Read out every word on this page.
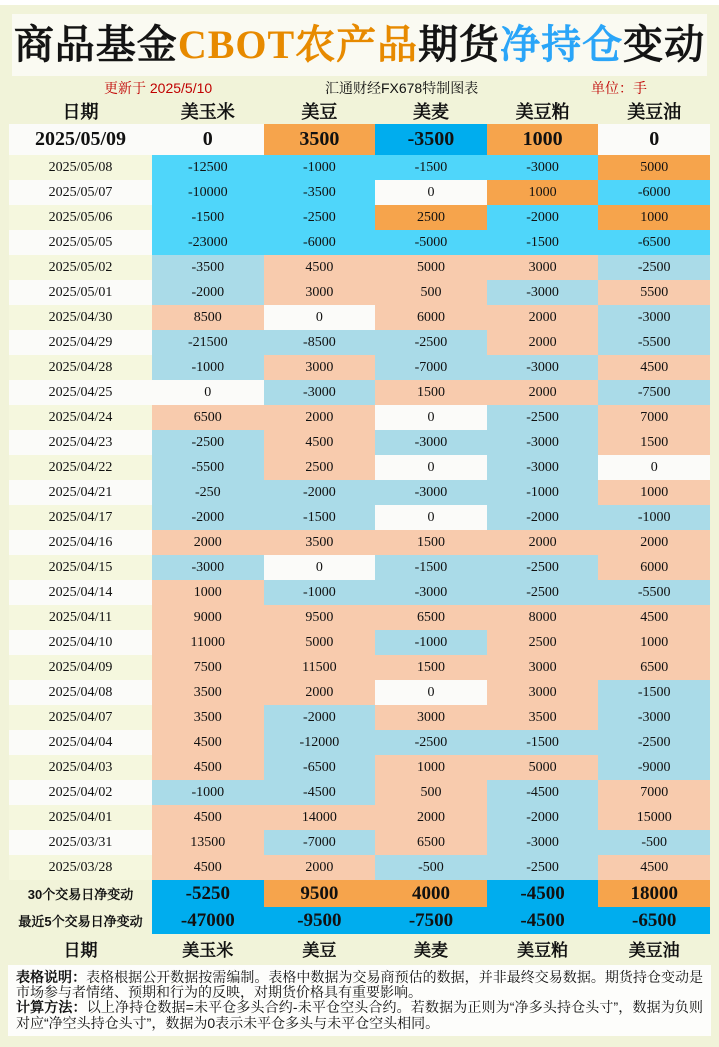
商品基金CBOT农产品期货净持仓变动
更新于 2025/5/10	汇通财经FX678特制图表	单位：手
日期	美玉米	美豆	美麦	美豆粕	美豆油
2025/05/09	0	3500	-3500	1000	0
2025/05/08	-12500	-1000	-1500	-3000	5000
2025/05/07	-10000	-3500	0	1000	-6000
2025/05/06	-1500	-2500	2500	-2000	1000
2025/05/05	-23000	-6000	-5000	-1500	-6500
2025/05/02	-3500	4500	5000	3000	-2500
2025/05/01	-2000	3000	500	-3000	5500
2025/04/30	8500	0	6000	2000	-3000
2025/04/29	-21500	-8500	-2500	2000	-5500
2025/04/28	-1000	3000	-7000	-3000	4500
2025/04/25	0	-3000	1500	2000	-7500
2025/04/24	6500	2000	0	-2500	7000
2025/04/23	-2500	4500	-3000	-3000	1500
2025/04/22	-5500	2500	0	-3000	0
2025/04/21	-250	-2000	-3000	-1000	1000
2025/04/17	-2000	-1500	0	-2000	-1000
2025/04/16	2000	3500	1500	2000	2000
2025/04/15	-3000	0	-1500	-2500	6000
2025/04/14	1000	-1000	-3000	-2500	-5500
2025/04/11	9000	9500	6500	8000	4500
2025/04/10	11000	5000	-1000	2500	1000
2025/04/09	7500	11500	1500	3000	6500
2025/04/08	3500	2000	0	3000	-1500
2025/04/07	3500	-2000	3000	3500	-3000
2025/04/04	4500	-12000	-2500	-1500	-2500
2025/04/03	4500	-6500	1000	5000	-9000
2025/04/02	-1000	-4500	500	-4500	7000
2025/04/01	4500	14000	2000	-2000	15000
2025/03/31	13500	-7000	6500	-3000	-500
2025/03/28	4500	2000	-500	-2500	4500
30个交易日净变动	-5250	9500	4000	-4500	18000
最近5个交易日净变动	-47000	-9500	-7500	-4500	-6500
日期	美玉米	美豆	美麦	美豆粕	美豆油

表格说明：表格根据公开数据按需编制。表格中数据为交易商预估的数据，并非最终交易数据。期货持仓变动是市场参与者情绪、预期和行为的反映，对期货价格具有重要影响。

计算方法：以上净持仓数据=未平仓多头合约-未平仓空头合约。若数据为正则为“净多头持仓头寸”，数据为负则对应“净空头持仓头寸”，数据为0表示未平仓多头与未平仓空头相同。
